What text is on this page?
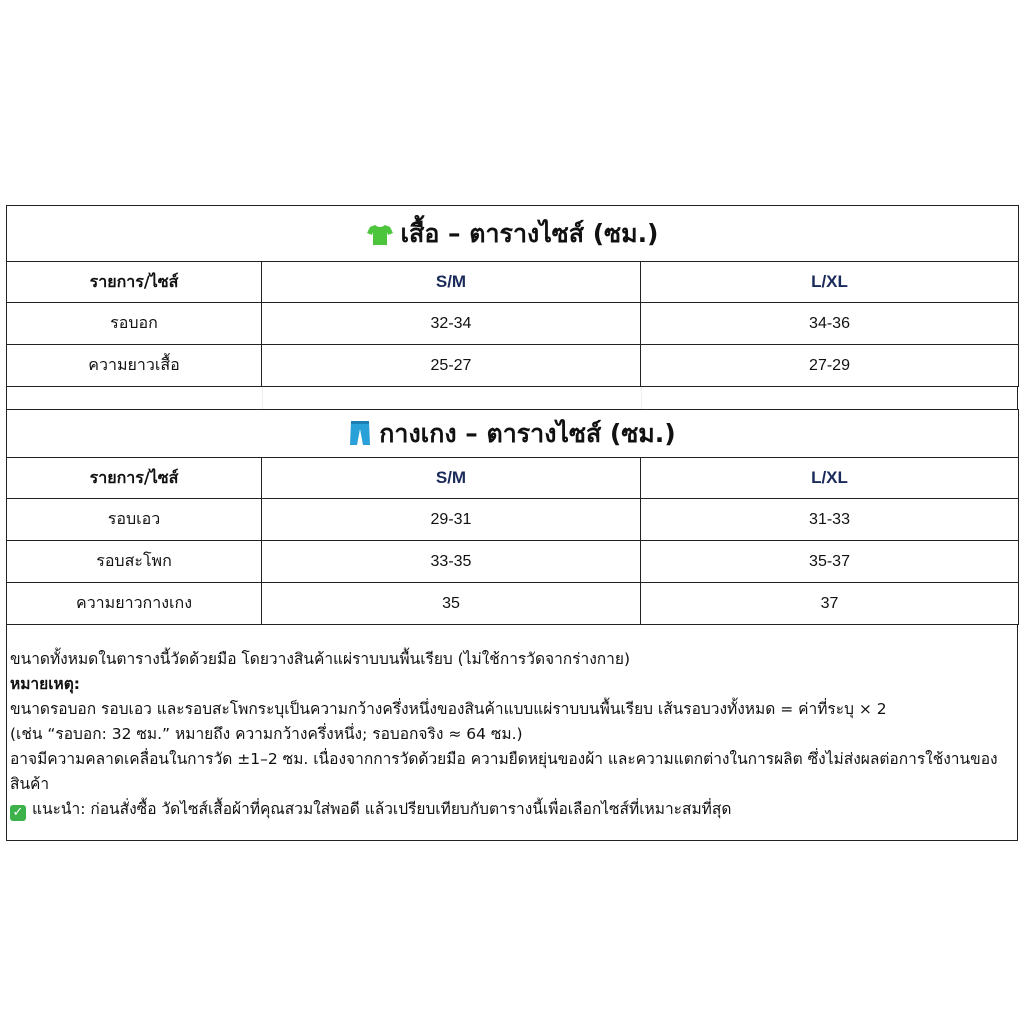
เสื้อ – ตารางไซส์ (ซม.)		
รายการ/ไซส์	S/M	L/XL
รอบอก	32-34	34-36
ความยาวเสื้อ	25-27	27-29
กางเกง – ตารางไซส์ (ซม.)		
รายการ/ไซส์	S/M	L/XL
รอบเอว	29-31	31-33
รอบสะโพก	33-35	35-37
ความยาวกางเกง	35	37
ขนาดทั้งหมดในตารางนี้วัดด้วยมือ โดยวางสินค้าแผ่ราบบนพื้นเรียบ (ไม่ใช้การวัดจากร่างกาย)
หมายเหตุ:
ขนาดรอบอก รอบเอว และรอบสะโพกระบุเป็นความกว้างครึ่งหนึ่งของสินค้าแบบแผ่ราบบนพื้นเรียบ เส้นรอบวงทั้งหมด = ค่าที่ระบุ × 2
(เช่น “รอบอก: 32 ซม.” หมายถึง ความกว้างครึ่งหนึ่ง; รอบอกจริง ≈ 64 ซม.)
อาจมีความคลาดเคลื่อนในการวัด ±1–2 ซม. เนื่องจากการวัดด้วยมือ ความยืดหยุ่นของผ้า และความแตกต่างในการผลิต ซึ่งไม่ส่งผลต่อการใช้งานของสินค้า
✓ แนะนำ: ก่อนสั่งซื้อ วัดไซส์เสื้อผ้าที่คุณสวมใส่พอดี แล้วเปรียบเทียบกับตารางนี้เพื่อเลือกไซส์ที่เหมาะสมที่สุด
